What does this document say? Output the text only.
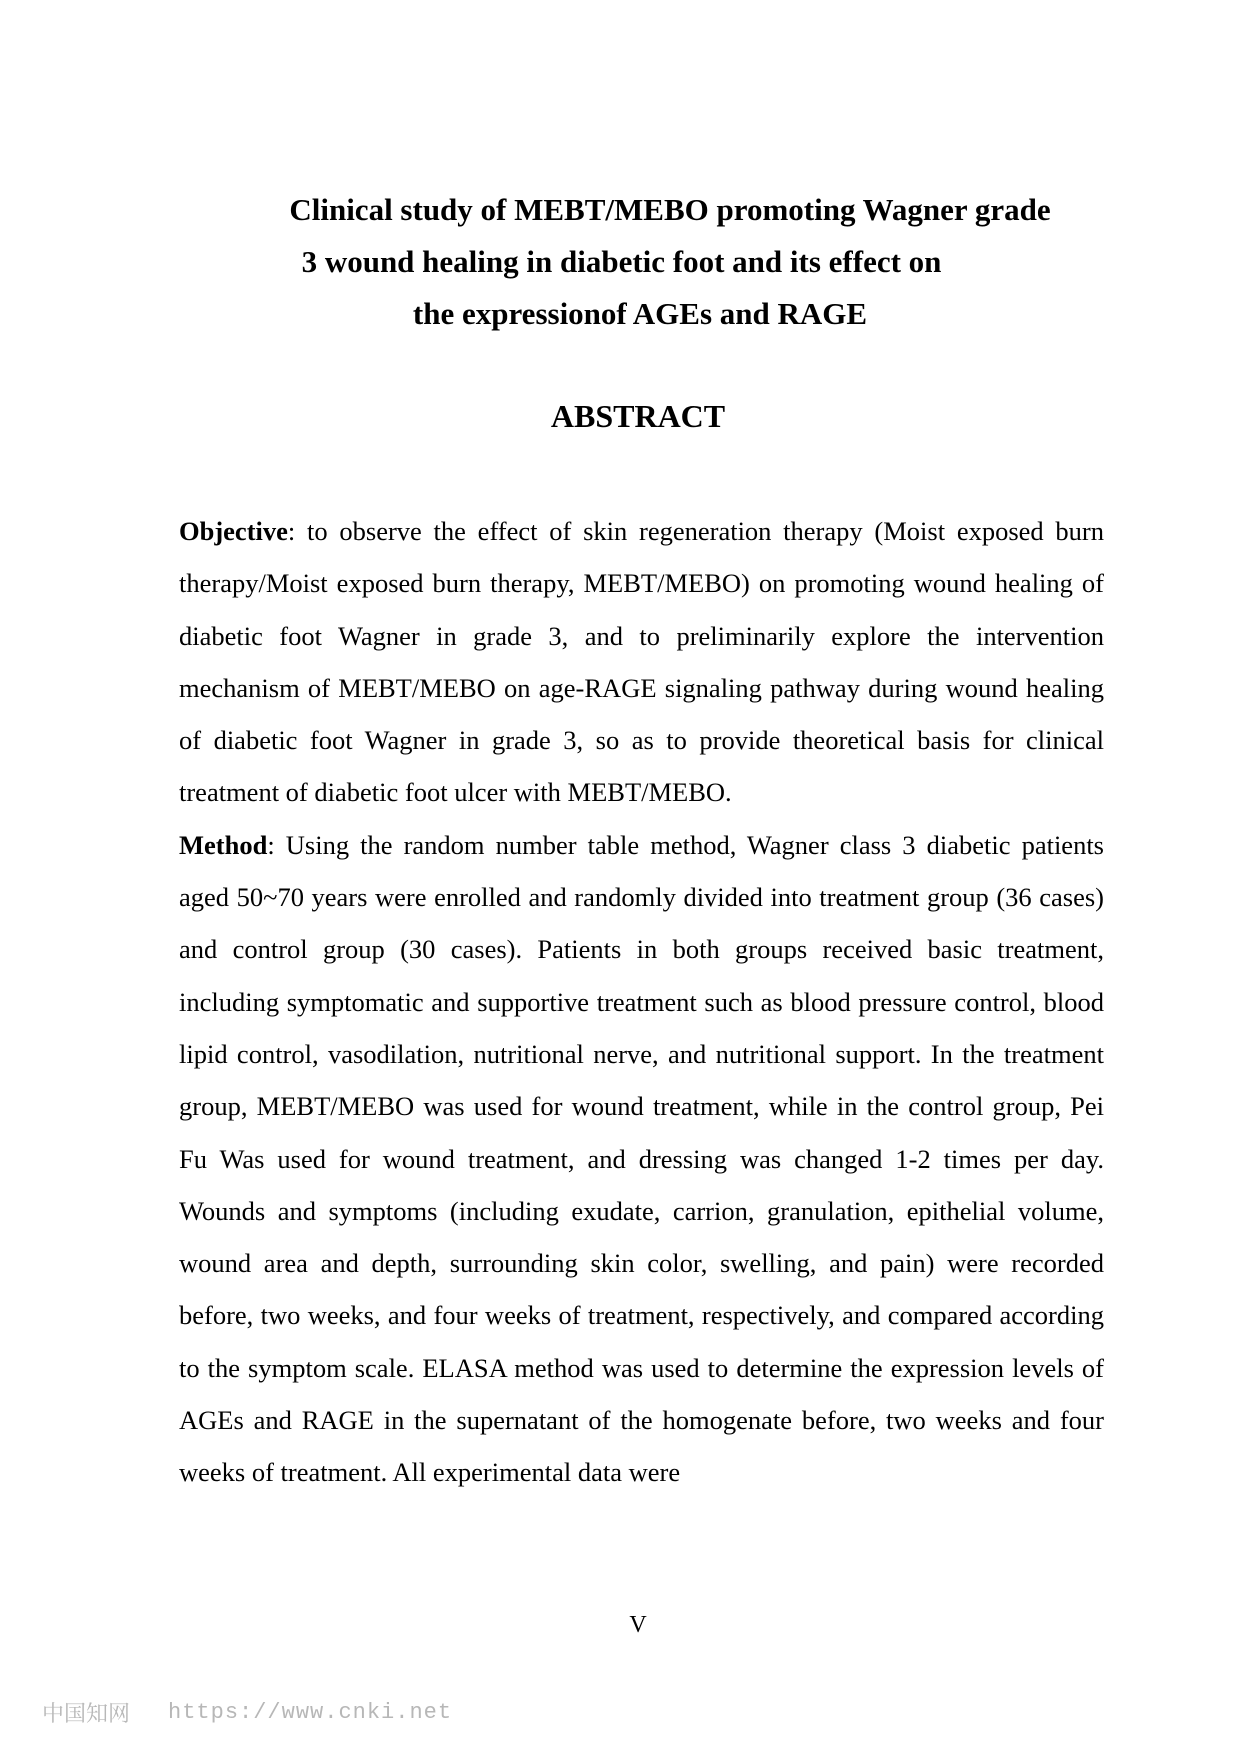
Clinical study of MEBT/MEBO promoting Wagner grade
3 wound healing in diabetic foot and its effect on
the expressionof AGEs and RAGE
ABSTRACT

Objective: to observe the effect of skin regeneration therapy (Moist exposed burn therapy/Moist exposed burn therapy, MEBT/MEBO) on promoting wound healing of diabetic foot Wagner in grade 3, and to preliminarily explore the intervention mechanism of MEBT/MEBO on age-RAGE signaling pathway during wound healing of diabetic foot Wagner in grade 3, so as to provide theoretical basis for clinical treatment of diabetic foot ulcer with MEBT/MEBO.

Method: Using the random number table method, Wagner class 3 diabetic patients aged 50~70 years were enrolled and randomly divided into treatment group (36 cases) and control group (30 cases). Patients in both groups received basic treatment, including symptomatic and supportive treatment such as blood pressure control, blood lipid control, vasodilation, nutritional nerve, and nutritional support. In the treatment group, MEBT/MEBO was used for wound treatment, while in the control group, Pei Fu Was used for wound treatment, and dressing was changed 1-2 times per day. Wounds and symptoms (including exudate, carrion, granulation, epithelial volume, wound area and depth, surrounding skin color, swelling, and pain) were recorded before, two weeks, and four weeks of treatment, respectively, and compared according to the symptom scale. ELASA method was used to determine the expression levels of AGEs and RAGE in the supernatant of the homogenate before, two weeks and four weeks of treatment. All experimental data were

V
中国知网 https://www.cnki.net
